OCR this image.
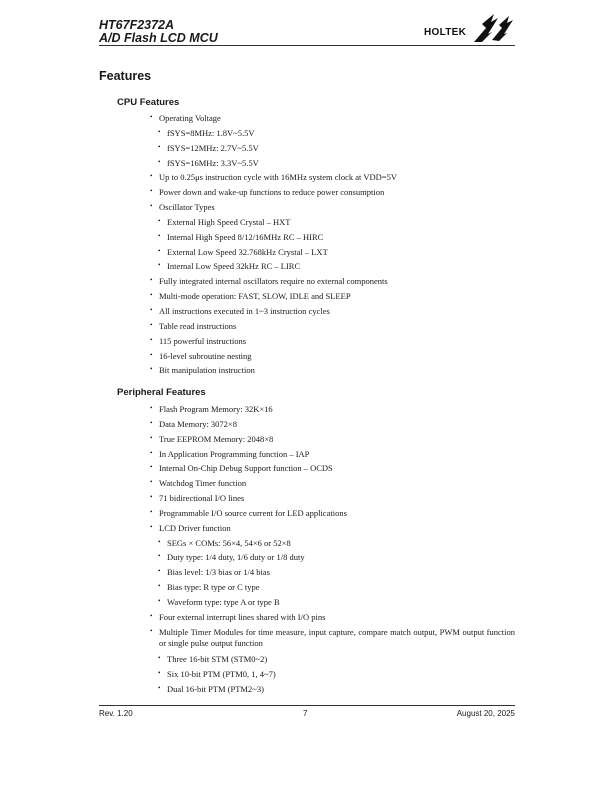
HT67F2372A
A/D Flash LCD MCU	HOLTEK
Features
CPU Features
• Operating Voltage
• fSYS=8MHz: 1.8V~5.5V
• fSYS=12MHz: 2.7V~5.5V
• fSYS=16MHz: 3.3V~5.5V
• Up to 0.25μs instruction cycle with 16MHz system clock at VDD=5V
• Power down and wake-up functions to reduce power consumption
• Oscillator Types
• External High Speed Crystal – HXT
• Internal High Speed 8/12/16MHz RC – HIRC
• External Low Speed 32.768kHz Crystal – LXT
• Internal Low Speed 32kHz RC – LIRC
• Fully integrated internal oscillators require no external components
• Multi-mode operation: FAST, SLOW, IDLE and SLEEP
• All instructions executed in 1~3 instruction cycles
• Table read instructions
• 115 powerful instructions
• 16-level subroutine nesting
• Bit manipulation instruction
Peripheral Features
• Flash Program Memory: 32K×16
• Data Memory: 3072×8
• True EEPROM Memory: 2048×8
• In Application Programming function – IAP
• Internal On-Chip Debug Support function – OCDS
• Watchdog Timer function
• 71 bidirectional I/O lines
• Programmable I/O source current for LED applications
• LCD Driver function
• SEGs × COMs: 56×4, 54×6 or 52×8
• Duty type: 1/4 duty, 1/6 duty or 1/8 duty
• Bias level: 1/3 bias or 1/4 bias
• Bias type: R type or C type
• Waveform type: type A or type B
• Four external interrupt lines shared with I/O pins
• Multiple Timer Modules for time measure, input capture, compare match output, PWM output function or single pulse output function
• Three 16-bit STM (STM0~2)
• Six 10-bit PTM (PTM0, 1, 4~7)
• Dual 16-bit PTM (PTM2~3)
Rev. 1.20	7	August 20, 2025
